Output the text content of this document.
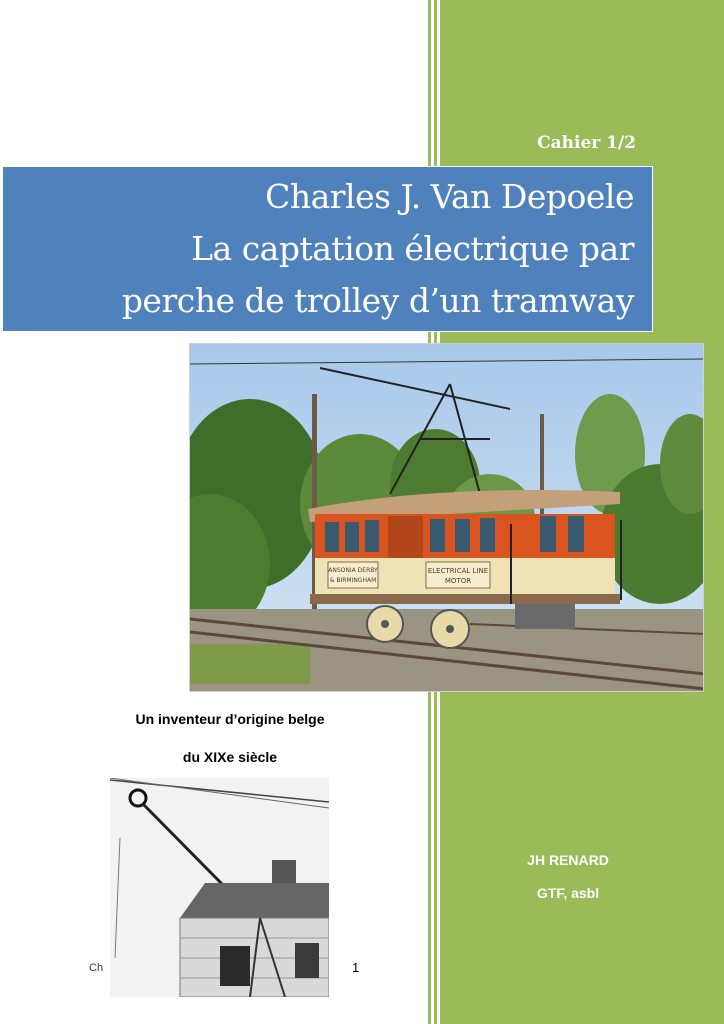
Cahier 1/2
Charles J. Van Depoele
La captation électrique par
perche de trolley d’un tramway
ANSONIA DERBY
& BIRMINGHAM
ELECTRICAL LINE
MOTOR
Un inventeur d’origine belge
du XIXe siècle
JH RENARD
GTF, asbl
Ch	1
